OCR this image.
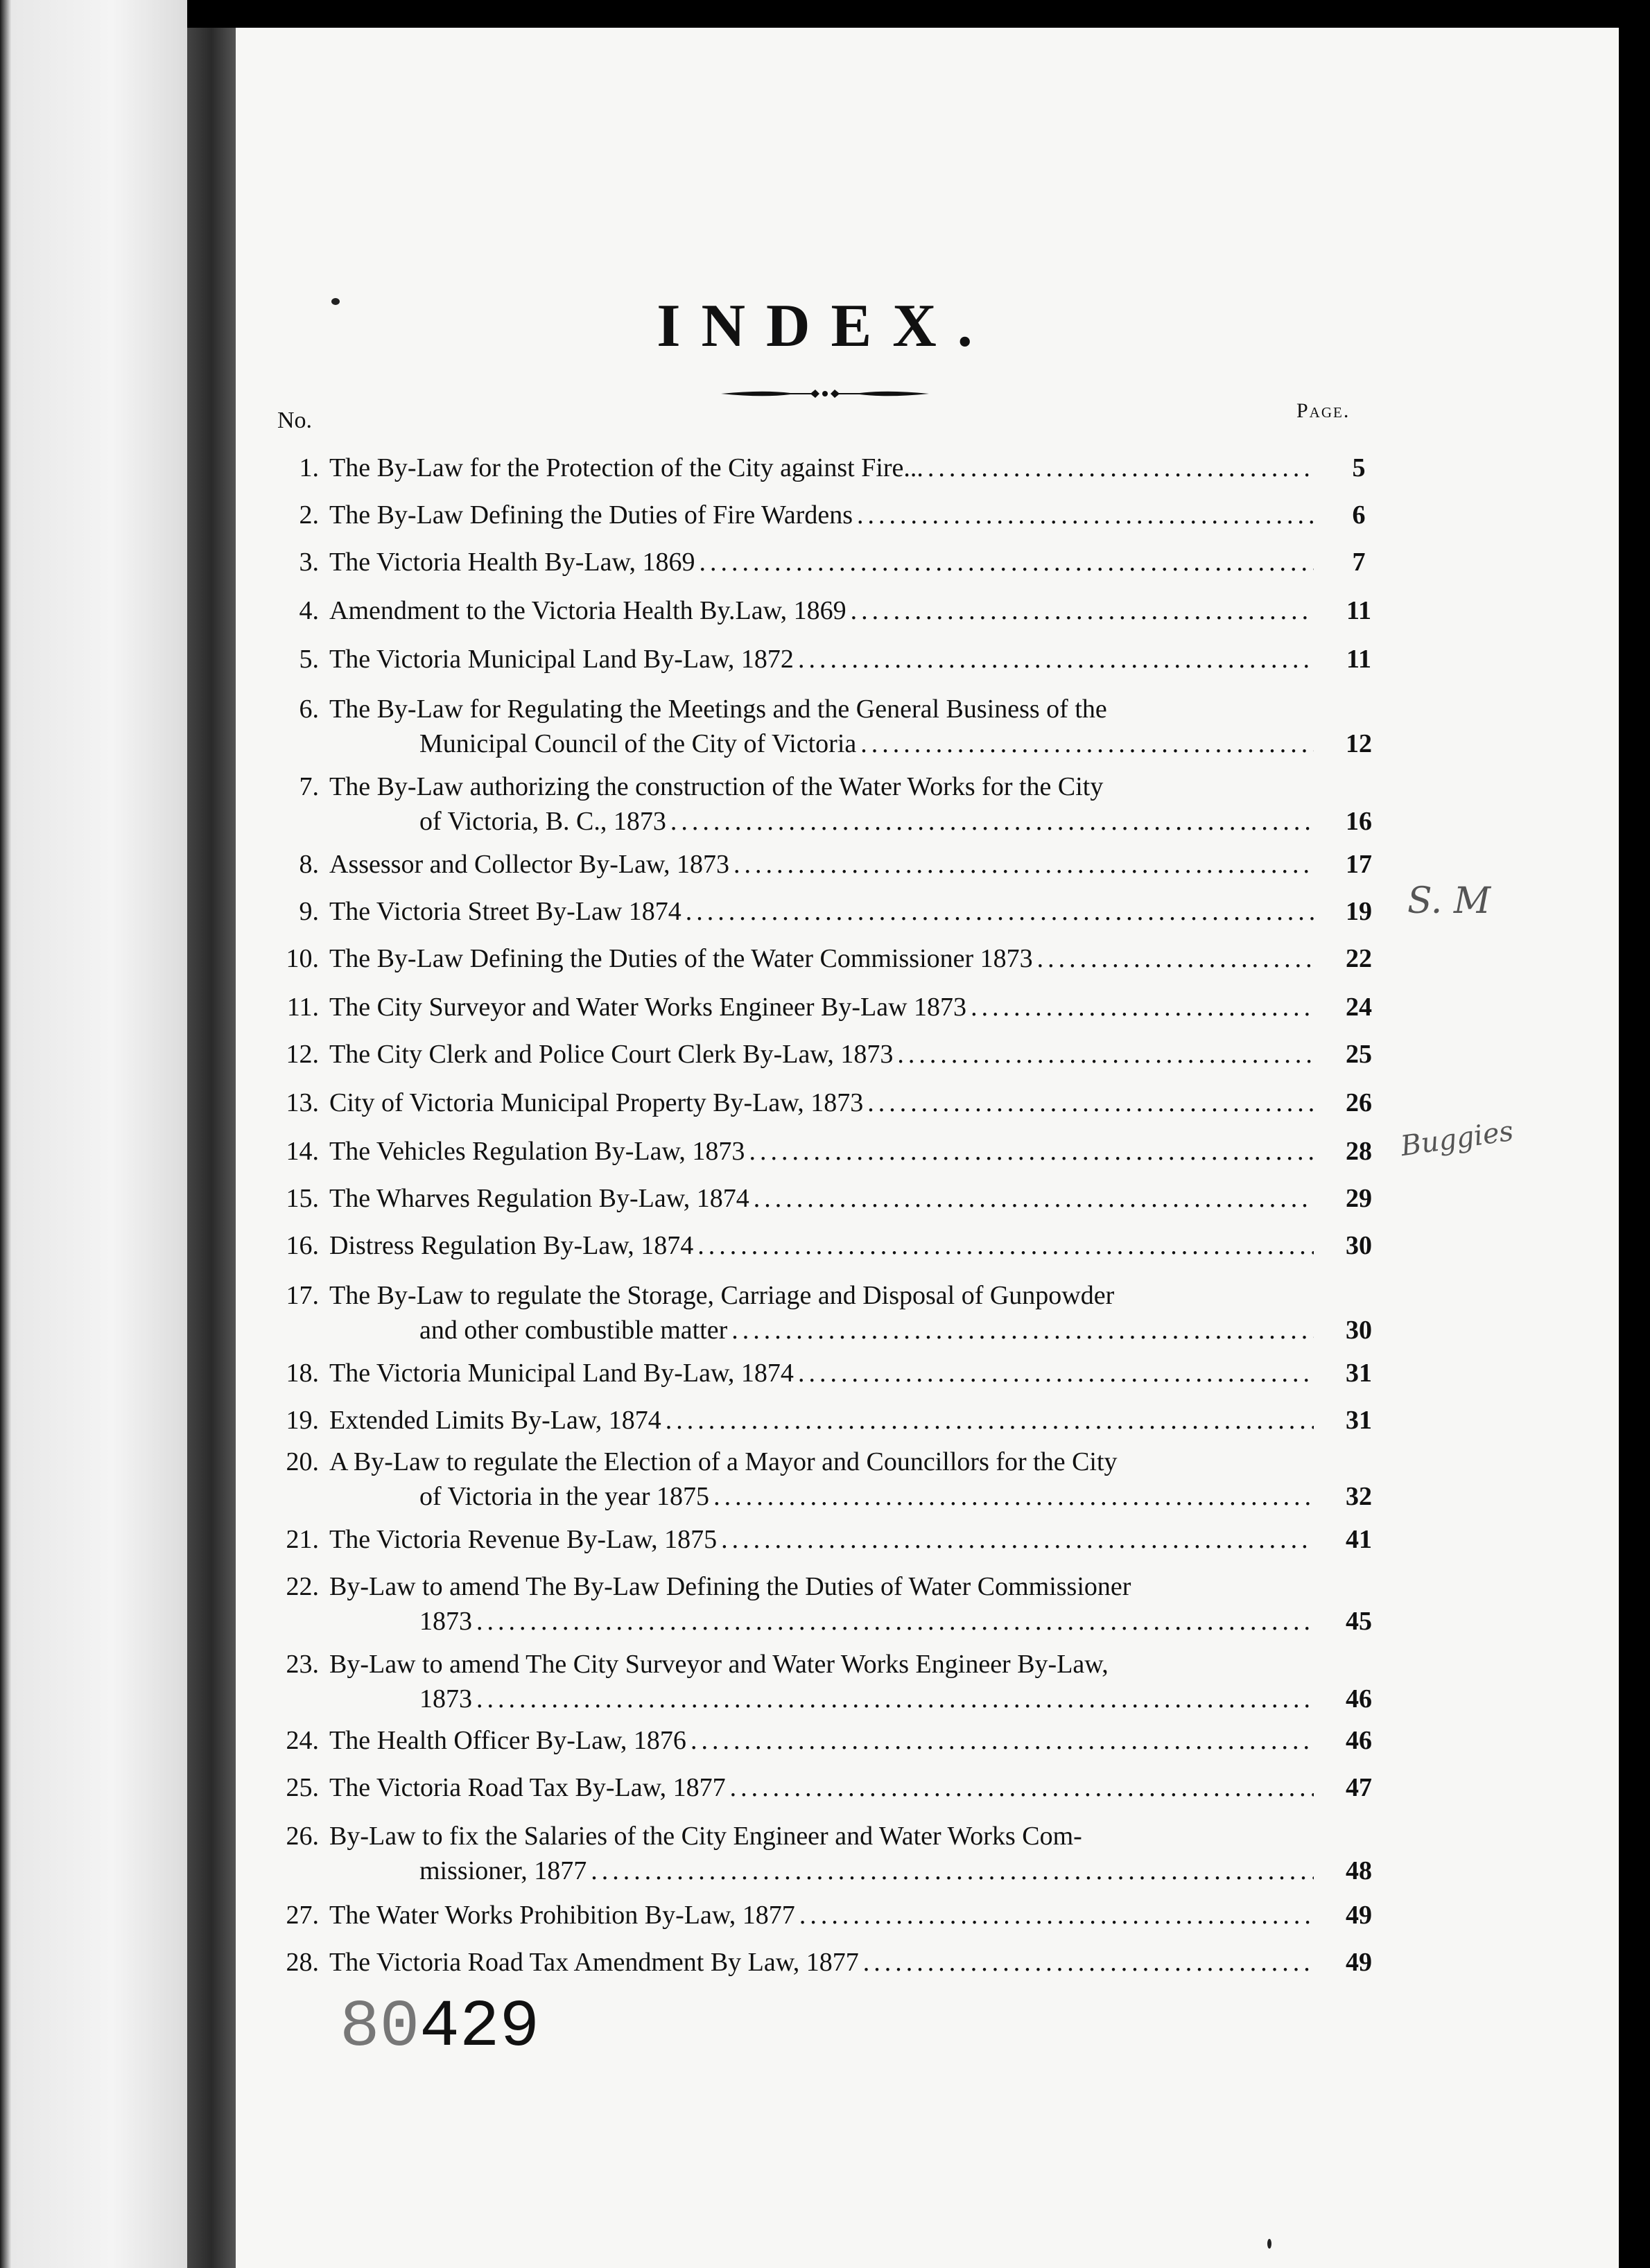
INDEX.
No.	Page.
1. The By-Law for the Protection of the City against Fire... .....	5
2. The By-Law Defining the Duties of Fire Wardens .....	6
3. The Victoria Health By-Law, 1869 .....	7
4. Amendment to the Victoria Health By.Law, 1869 .....	11
5. The Victoria Municipal Land By-Law, 1872 .....	11
6. The By-Law for Regulating the Meetings and the General Business of the
Municipal Council of the City of Victoria .....	12
7. The By-Law authorizing the construction of the Water Works for the City
of Victoria, B. C., 1873 .....	16
8. Assessor and Collector By-Law, 1873 .....	17
9. The Victoria Street By-Law 1874 .....	19
10. The By-Law Defining the Duties of the Water Commissioner 1873 .....	22
11. The City Surveyor and Water Works Engineer By-Law 1873 .....	24
12. The City Clerk and Police Court Clerk By-Law, 1873 .....	25
13. City of Victoria Municipal Property By-Law, 1873 .....	26
14. The Vehicles Regulation By-Law, 1873 .....	28
15. The Wharves Regulation By-Law, 1874 .....	29
16. Distress Regulation By-Law, 1874 .....	30
17. The By-Law to regulate the Storage, Carriage and Disposal of Gunpowder
and other combustible matter .....	30
18. The Victoria Municipal Land By-Law, 1874 .....	31
19. Extended Limits By-Law, 1874 .....	31
20. A By-Law to regulate the Election of a Mayor and Councillors for the City
of Victoria in the year 1875 .....	32
21. The Victoria Revenue By-Law, 1875 .....	41
22. By-Law to amend The By-Law Defining the Duties of Water Commissioner
1873 .....	45
23. By-Law to amend The City Surveyor and Water Works Engineer By-Law,
1873 .....	46
24. The Health Officer By-Law, 1876 .....	46
25. The Victoria Road Tax By-Law, 1877 .....	47
26. By-Law to fix the Salaries of the City Engineer and Water Works Com-
missioner, 1877 .....	48
27. The Water Works Prohibition By-Law, 1877 .....	49
28. The Victoria Road Tax Amendment By Law, 1877 .....	49
S. M
Buggies
80429
